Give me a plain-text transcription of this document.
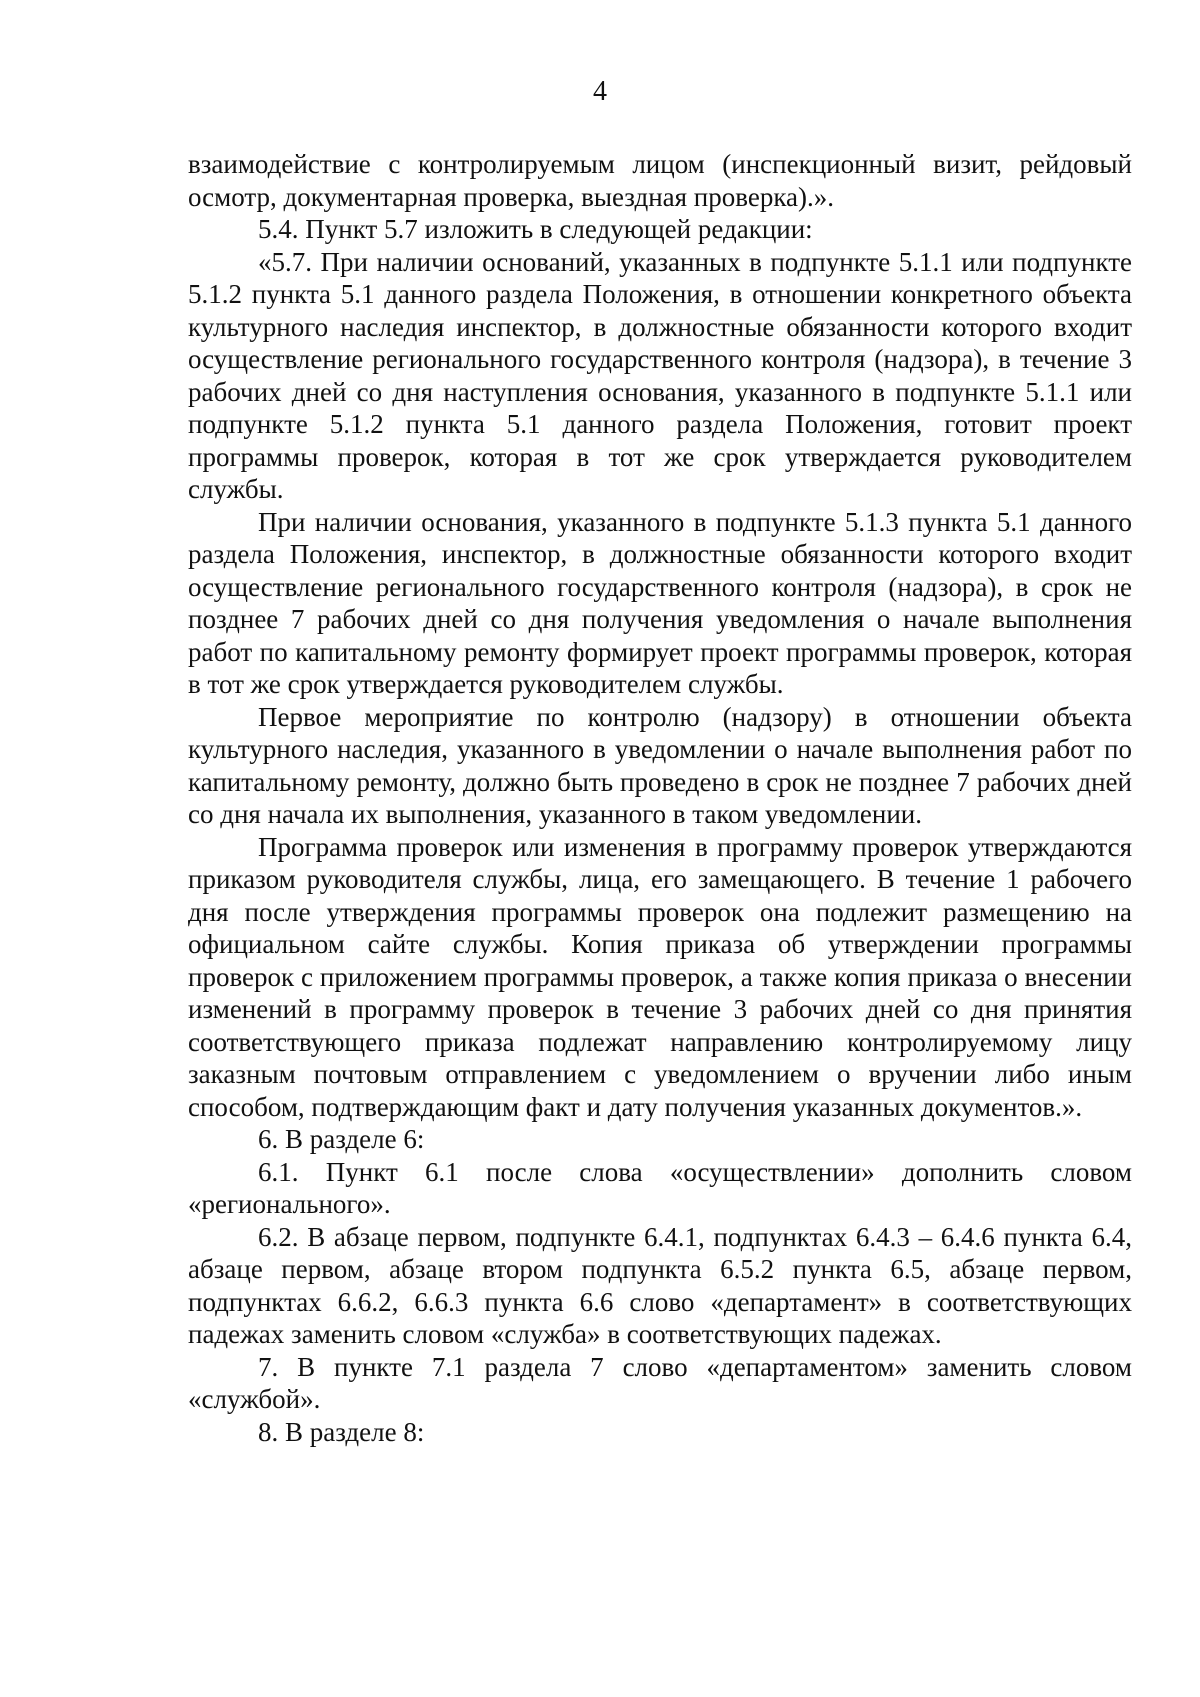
4

взаимодействие с контролируемым лицом (инспекционный визит, рейдовый осмотр, документарная проверка, выездная проверка).».

5.4. Пункт 5.7 изложить в следующей редакции:

«5.7. При наличии оснований, указанных в подпункте 5.1.1 или подпункте 5.1.2 пункта 5.1 данного раздела Положения, в отношении конкретного объекта культурного наследия инспектор, в должностные обязанности которого входит осуществление регионального государственного контроля (надзора), в течение 3 рабочих дней со дня наступления основания, указанного в подпункте 5.1.1 или подпункте 5.1.2 пункта 5.1 данного раздела Положения, готовит проект программы проверок, которая в тот же срок утверждается руководителем службы.

При наличии основания, указанного в подпункте 5.1.3 пункта 5.1 данного раздела Положения, инспектор, в должностные обязанности которого входит осуществление регионального государственного контроля (надзора), в срок не позднее 7 рабочих дней со дня получения уведомления о начале выполнения работ по капитальному ремонту формирует проект программы проверок, которая в тот же срок утверждается руководителем службы.

Первое мероприятие по контролю (надзору) в отношении объекта культурного наследия, указанного в уведомлении о начале выполнения работ по капитальному ремонту, должно быть проведено в срок не позднее 7 рабочих дней со дня начала их выполнения, указанного в таком уведомлении.

Программа проверок или изменения в программу проверок утверждаются приказом руководителя службы, лица, его замещающего. В течение 1 рабочего дня после утверждения программы проверок она подлежит размещению на официальном сайте службы. Копия приказа об утверждении программы проверок с приложением программы проверок, а также копия приказа о внесении изменений в программу проверок в течение 3 рабочих дней со дня принятия соответствующего приказа подлежат направлению контролируемому лицу заказным почтовым отправлением с уведомлением о вручении либо иным способом, подтверждающим факт и дату получения указанных документов.».

6. В разделе 6:

6.1. Пункт 6.1 после слова «осуществлении» дополнить словом «регионального».

6.2. В абзаце первом, подпункте 6.4.1, подпунктах 6.4.3 – 6.4.6 пункта 6.4, абзаце первом, абзаце втором подпункта 6.5.2 пункта 6.5, абзаце первом, подпунктах 6.6.2, 6.6.3 пункта 6.6 слово «департамент» в соответствующих падежах заменить словом «служба» в соответствующих падежах.

7. В пункте 7.1 раздела 7 слово «департаментом» заменить словом «службой».

8. В разделе 8:
